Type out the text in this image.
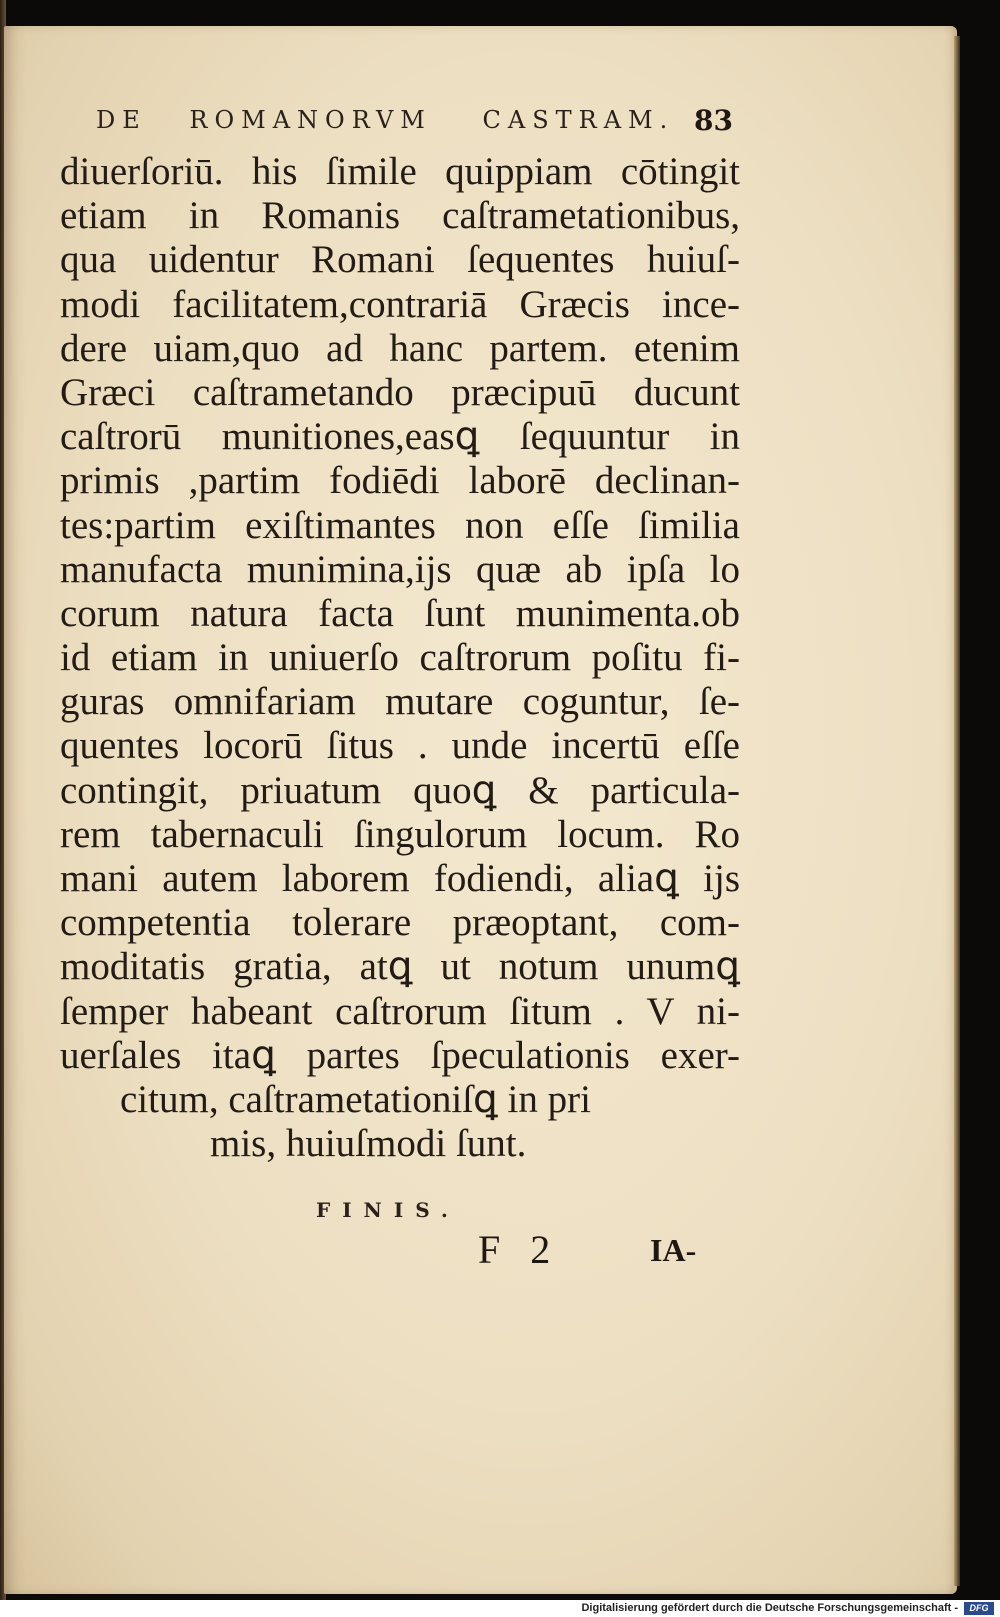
DE ROMANORVM CASTRAM. 83
diuerſoriū. his ſimile quippiam cōtingit
etiam in Romanis caſtrametationibus,
qua uidentur Romani ſequentes huiuſ-
modi facilitatem,contrariā Græcis ince-
dere uiam,quo ad hanc partem. etenim
Græci caſtrametando præcipuū ducunt
caſtrorū munitiones,easꝗ ſequuntur in
primis ,partim fodiēdi laborē declinan-
tes:partim exiſtimantes non eſſe ſimilia
manufacta munimina,ijs quæ ab ipſa lo
corum natura facta ſunt munimenta.ob
id etiam in uniuerſo caſtrorum poſitu fi-
guras omnifariam mutare coguntur, ſe-
quentes locorū ſitus . unde incertū eſſe
contingit, priuatum quoꝗ & particula-
rem tabernaculi ſingulorum locum. Ro
mani autem laborem fodiendi, aliaꝗ ijs
competentia tolerare præoptant, com-
moditatis gratia, atꝗ ut notum unumꝗ
ſemper habeant caſtrorum ſitum . V ni-
uerſales itaꝗ partes ſpeculationis exer-
citum, caſtrametationiſꝗ in pri
mis, huiuſmodi ſunt.
FINIS.
F 2	IA-
Digitalisierung gefördert durch die Deutsche Forschungsgemeinschaft -	DFG
